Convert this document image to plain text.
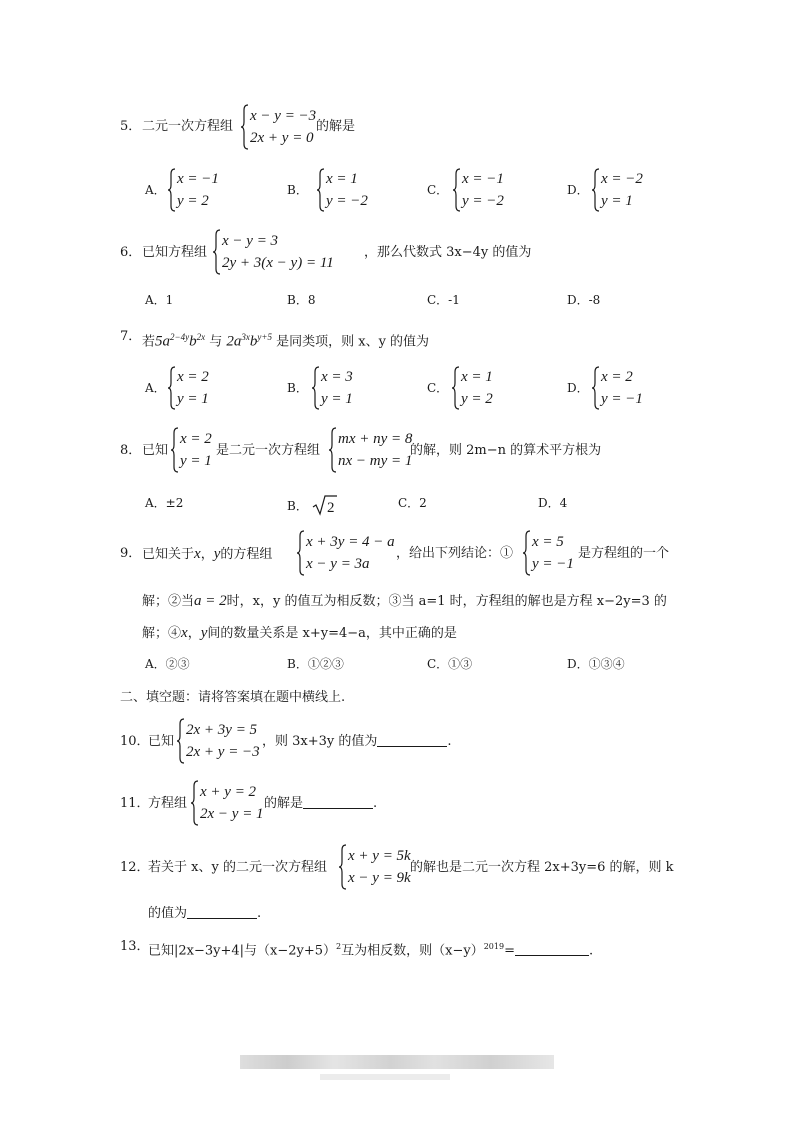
5． 二元一次方程组
x − y = −3
2x + y = 0
的解是
A．
x = −1
y = 2
B．
x = 1
y = −2
C．
x = −1
y = −2
D．
x = −2
y = 1
6． 已知方程组
x − y = 3
2y + 3(x − y) = 11
，那么代数式 3x−4y 的值为
A．1	B．8	C．-1	D．-8
7． 若$5a^{2-4y}b^{2x}$ 与 $2a^{3x}b^{y+5}$ 是同类项，则 x、y 的值为
A．
x = 2
y = 1
B．
x = 3
y = 1
C．
x = 1
y = 2
D．
x = 2
y = −1
8． 已知
x = 2
y = 1
是二元一次方程组
mx + ny = 8
nx − my = 1
的解，则 2m−n 的算术平方根为
A．±2	B． 2	C．2	D．4
9． 已知关于x，y的方程组
x + 3y = 4 − a
x − y = 3a
，给出下列结论：①
x = 5
y = −1
是方程组的一个
解；②当a = 2时，x，y 的值互为相反数；③当 a=1 时，方程组的解也是方程 x−2y=3 的
解；④x，y间的数量关系是 x+y=4−a，其中正确的是
A．②③	B．①②③	C．①③	D．①③④
二、填空题：请将答案填在题中横线上.
10．
已知
2x + 3y = 5
2x + y = −3
，则 3x+3y 的值为	.
11．
方程组
x + y = 2
2x − y = 1
的解是	.
12．
若关于 x、y 的二元一次方程组
x + y = 5k
x − y = 9k
的解也是二元一次方程 2x+3y=6 的解，则 k
的值为	.
13．
已知|2x−3y+4|与$(x-2y+5)^2$互为相反数，则$(x-y)^{2019}=$	.
